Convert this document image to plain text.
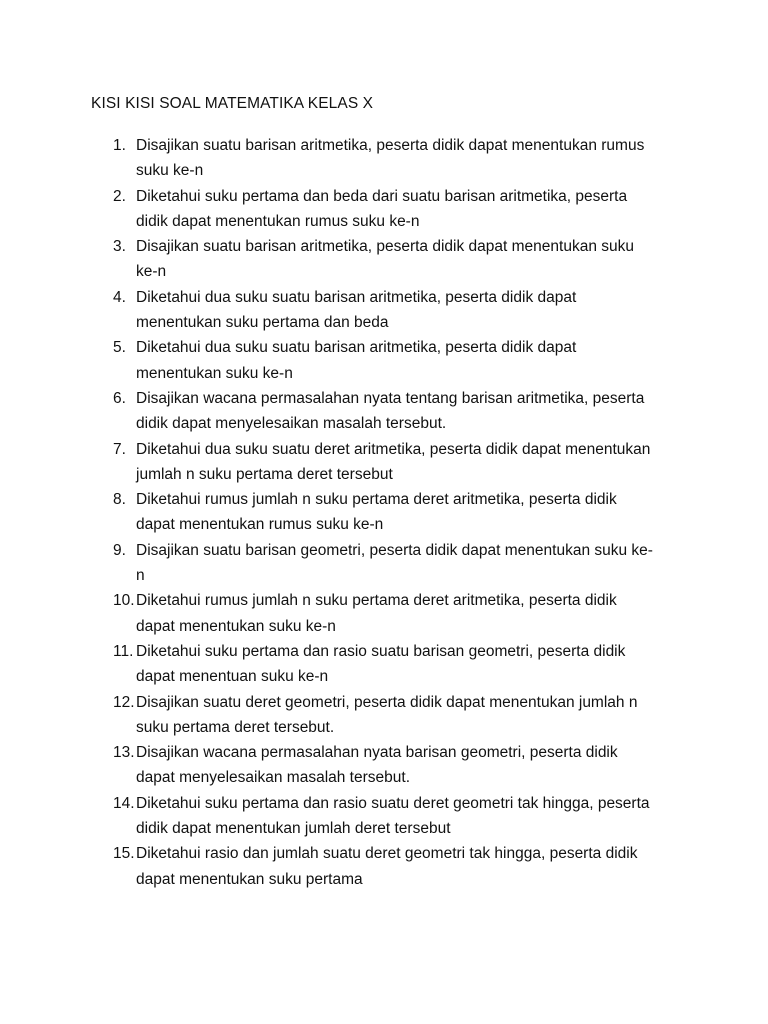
KISI KISI SOAL MATEMATIKA KELAS X
1. Disajikan suatu barisan aritmetika, peserta didik dapat menentukan rumus
suku ke-n
2. Diketahui suku pertama dan beda dari suatu barisan aritmetika, peserta
didik dapat menentukan rumus suku ke-n
3. Disajikan suatu barisan aritmetika, peserta didik dapat menentukan suku
ke-n
4. Diketahui dua suku suatu barisan aritmetika, peserta didik dapat
menentukan suku pertama dan beda
5. Diketahui dua suku suatu barisan aritmetika, peserta didik dapat
menentukan suku ke-n
6. Disajikan wacana permasalahan nyata tentang barisan aritmetika, peserta
didik dapat menyelesaikan masalah tersebut.
7. Diketahui dua suku suatu deret aritmetika, peserta didik dapat menentukan
jumlah n suku pertama deret tersebut
8. Diketahui rumus jumlah n suku pertama deret aritmetika, peserta didik
dapat menentukan rumus suku ke-n
9. Disajikan suatu barisan geometri, peserta didik dapat menentukan suku ke-
n
10. Diketahui rumus jumlah n suku pertama deret aritmetika, peserta didik
dapat menentukan suku ke-n
11. Diketahui suku pertama dan rasio suatu barisan geometri, peserta didik
dapat menentuan suku ke-n
12. Disajikan suatu deret geometri, peserta didik dapat menentukan jumlah n
suku pertama deret tersebut.
13. Disajikan wacana permasalahan nyata barisan geometri, peserta didik
dapat menyelesaikan masalah tersebut.
14. Diketahui suku pertama dan rasio suatu deret geometri tak hingga, peserta
didik dapat menentukan jumlah deret tersebut
15. Diketahui rasio dan jumlah suatu deret geometri tak hingga, peserta didik
dapat menentukan suku pertama
